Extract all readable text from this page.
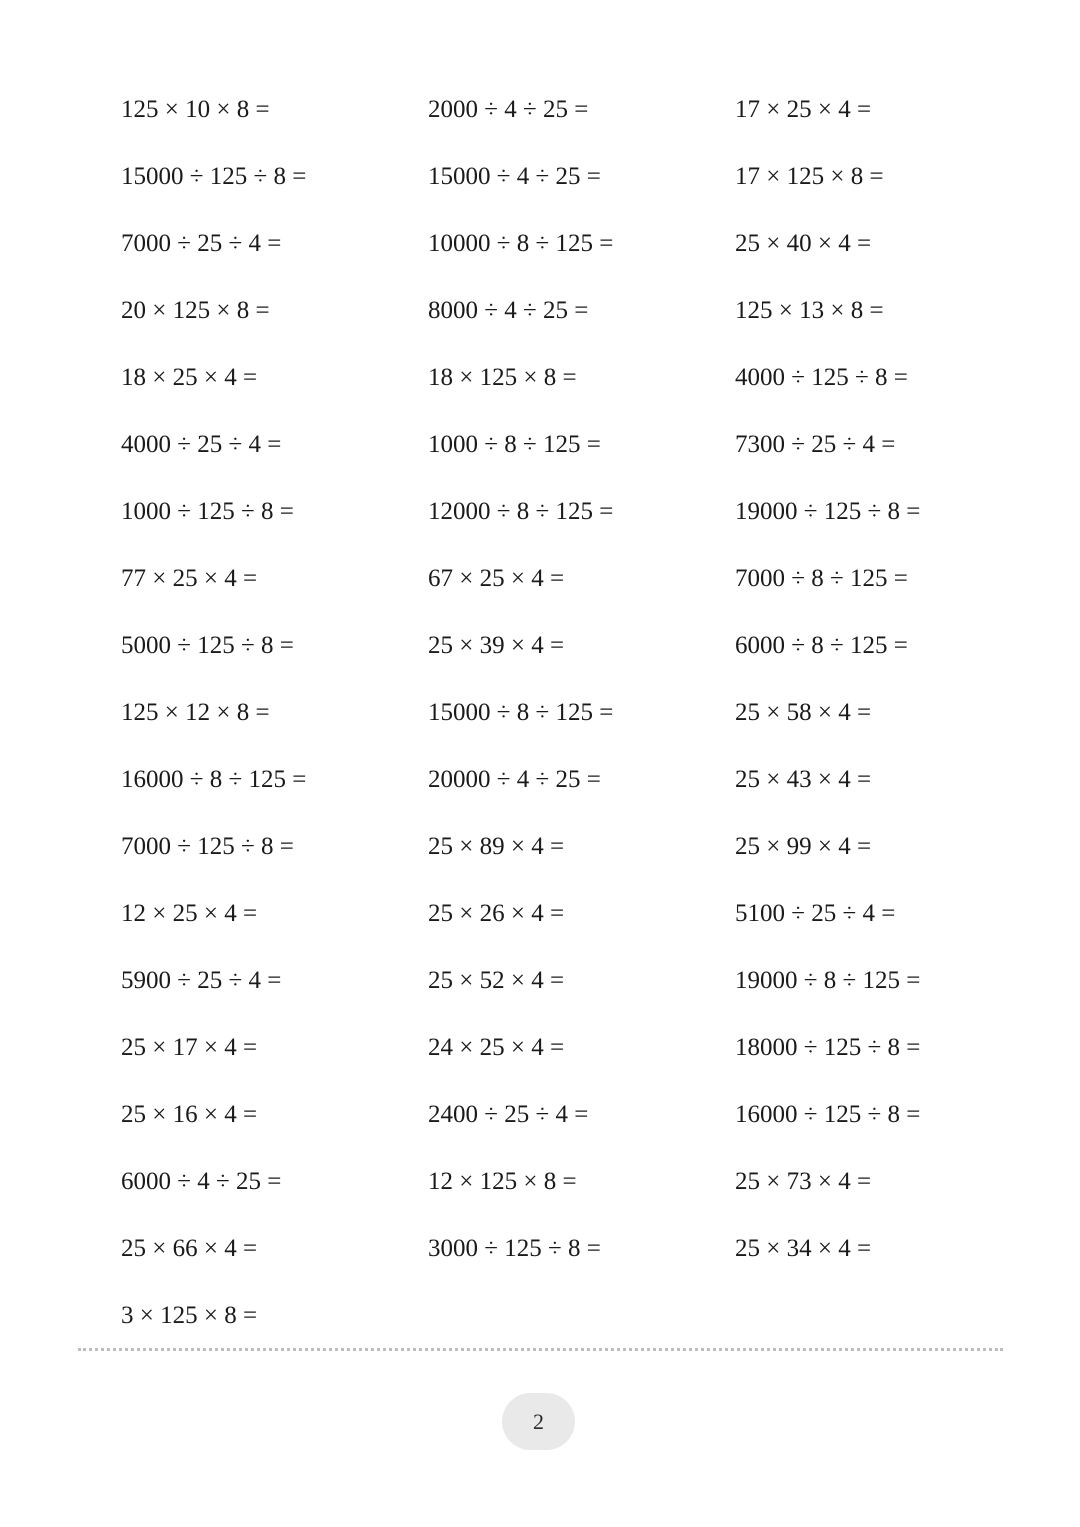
125 × 10 × 8 =	2000 ÷ 4 ÷ 25 =	17 × 25 × 4 =
15000 ÷ 125 ÷ 8 =	15000 ÷ 4 ÷ 25 =	17 × 125 × 8 =
7000 ÷ 25 ÷ 4 =	10000 ÷ 8 ÷ 125 =	25 × 40 × 4 =
20 × 125 × 8 =	8000 ÷ 4 ÷ 25 =	125 × 13 × 8 =
18 × 25 × 4 =	18 × 125 × 8 =	4000 ÷ 125 ÷ 8 =
4000 ÷ 25 ÷ 4 =	1000 ÷ 8 ÷ 125 =	7300 ÷ 25 ÷ 4 =
1000 ÷ 125 ÷ 8 =	12000 ÷ 8 ÷ 125 =	19000 ÷ 125 ÷ 8 =
77 × 25 × 4 =	67 × 25 × 4 =	7000 ÷ 8 ÷ 125 =
5000 ÷ 125 ÷ 8 =	25 × 39 × 4 =	6000 ÷ 8 ÷ 125 =
125 × 12 × 8 =	15000 ÷ 8 ÷ 125 =	25 × 58 × 4 =
16000 ÷ 8 ÷ 125 =	20000 ÷ 4 ÷ 25 =	25 × 43 × 4 =
7000 ÷ 125 ÷ 8 =	25 × 89 × 4 =	25 × 99 × 4 =
12 × 25 × 4 =	25 × 26 × 4 =	5100 ÷ 25 ÷ 4 =
5900 ÷ 25 ÷ 4 =	25 × 52 × 4 =	19000 ÷ 8 ÷ 125 =
25 × 17 × 4 =	24 × 25 × 4 =	18000 ÷ 125 ÷ 8 =
25 × 16 × 4 =	2400 ÷ 25 ÷ 4 =	16000 ÷ 125 ÷ 8 =
6000 ÷ 4 ÷ 25 =	12 × 125 × 8 =	25 × 73 × 4 =
25 × 66 × 4 =	3000 ÷ 125 ÷ 8 =	25 × 34 × 4 =
3 × 125 × 8 =
2
